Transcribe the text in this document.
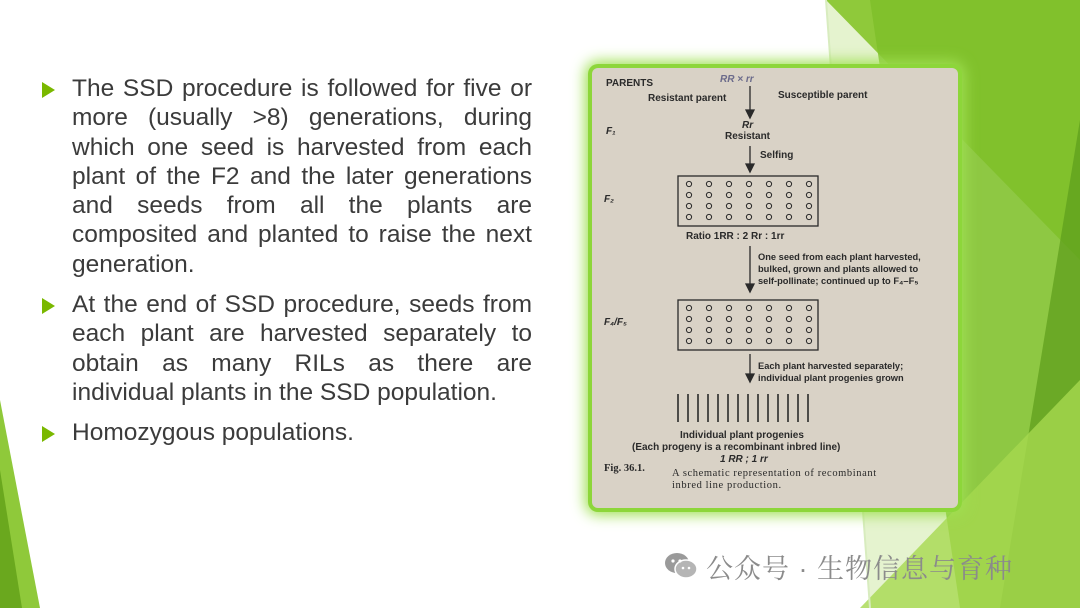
The SSD procedure is followed for five or more (usually >8) generations, during which one seed is harvested from each plant of the F2 and the later generations and seeds from all the plants are composited and planted to raise the next generation.
At the end of SSD procedure, seeds from each plant are harvested separately to obtain as many RILs as there are individual plants in the SSD population.
Homozygous populations.
PARENTS	RR × rr
Resistant parent	Susceptible parent
F₁
Rr
Resistant
Selfing
F₂
Ratio 1RR : 2 Rr : 1rr
One seed from each plant harvested,
bulked, grown and plants allowed to
self-pollinate; continued up to F₄–F₅
F₄/F₅
Each plant harvested separately;
individual plant progenies grown
Individual plant progenies
(Each progeny is a recombinant inbred line)
1 RR ; 1 rr
Fig. 36.1.	A schematic representation of recombinant
inbred line production.
公众号 · 生物信息与育种
